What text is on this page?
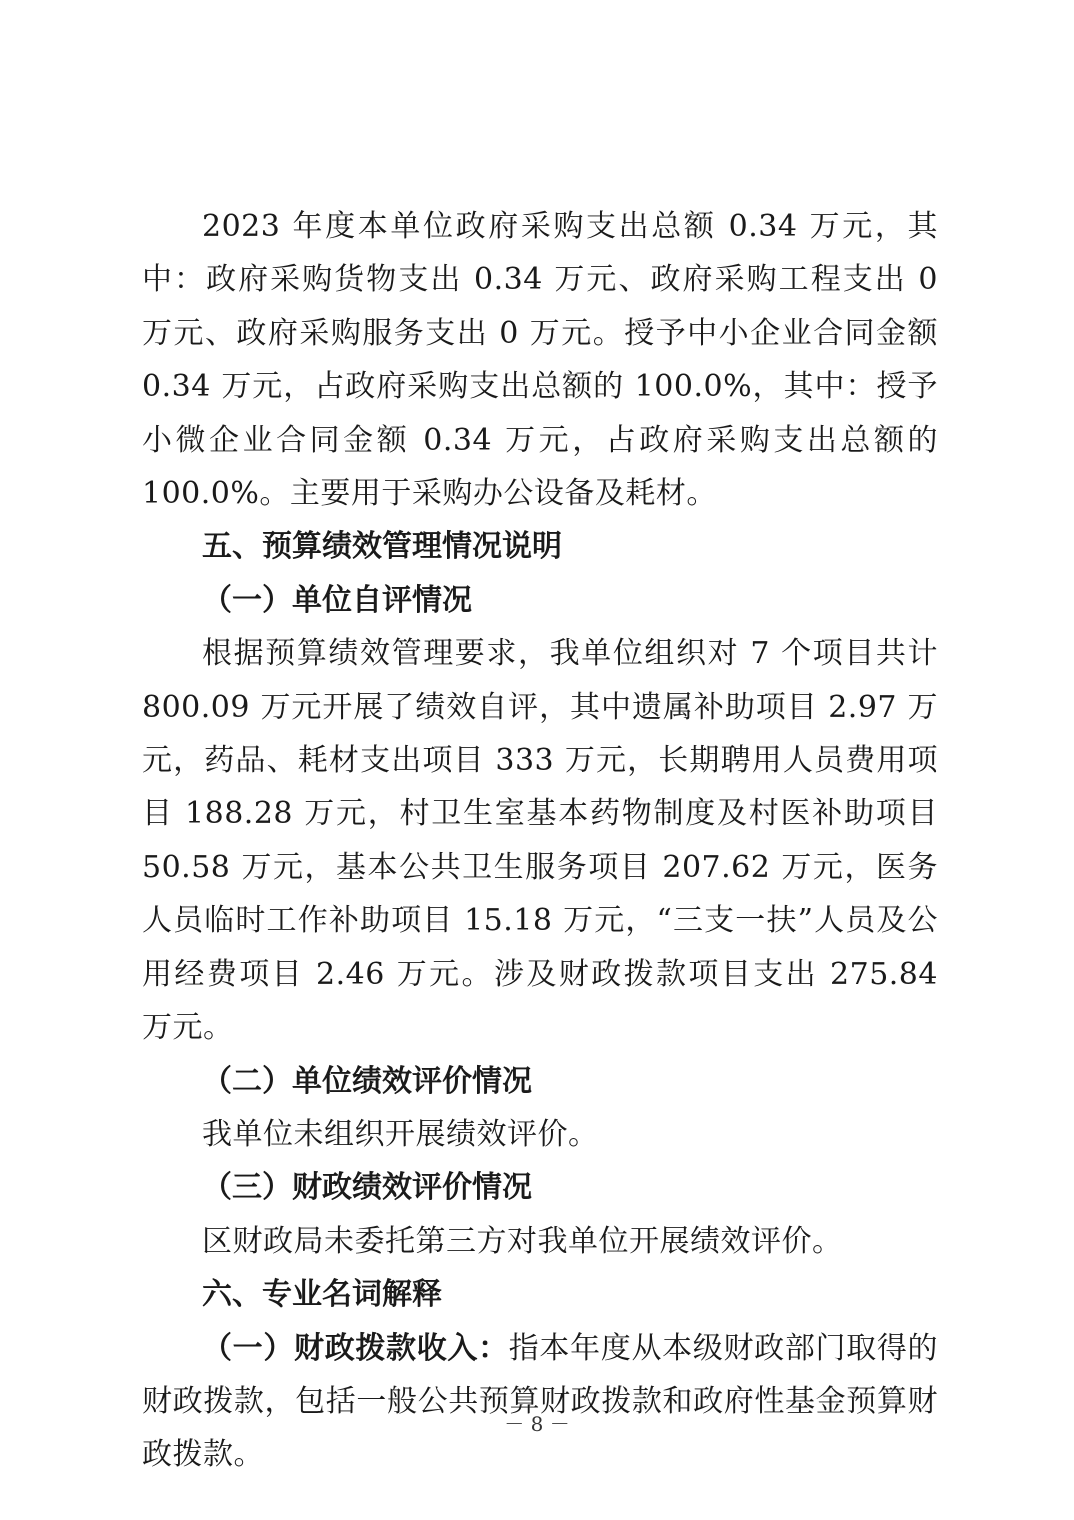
2023 年度本单位政府采购支出总额 0.34 万元，其中：政府采购货物支出 0.34 万元、政府采购工程支出 0 万元、政府采购服务支出 0 万元。授予中小企业合同金额 0.34 万元，占政府采购支出总额的 100.0%，其中：授予小微企业合同金额 0.34 万元，占政府采购支出总额的 100.0%。主要用于采购办公设备及耗材。

五、预算绩效管理情况说明

（一）单位自评情况

根据预算绩效管理要求，我单位组织对 7 个项目共计 800.09 万元开展了绩效自评，其中遗属补助项目 2.97 万元，药品、耗材支出项目 333 万元，长期聘用人员费用项目 188.28 万元，村卫生室基本药物制度及村医补助项目 50.58 万元，基本公共卫生服务项目 207.62 万元，医务人员临时工作补助项目 15.18 万元，“三支一扶”人员及公用经费项目 2.46 万元。涉及财政拨款项目支出 275.84 万元。

（二）单位绩效评价情况

我单位未组织开展绩效评价。

（三）财政绩效评价情况

区财政局未委托第三方对我单位开展绩效评价。

六、专业名词解释

（一）财政拨款收入：指本年度从本级财政部门取得的财政拨款，包括一般公共预算财政拨款和政府性基金预算财政拨款。

－ 8 －
